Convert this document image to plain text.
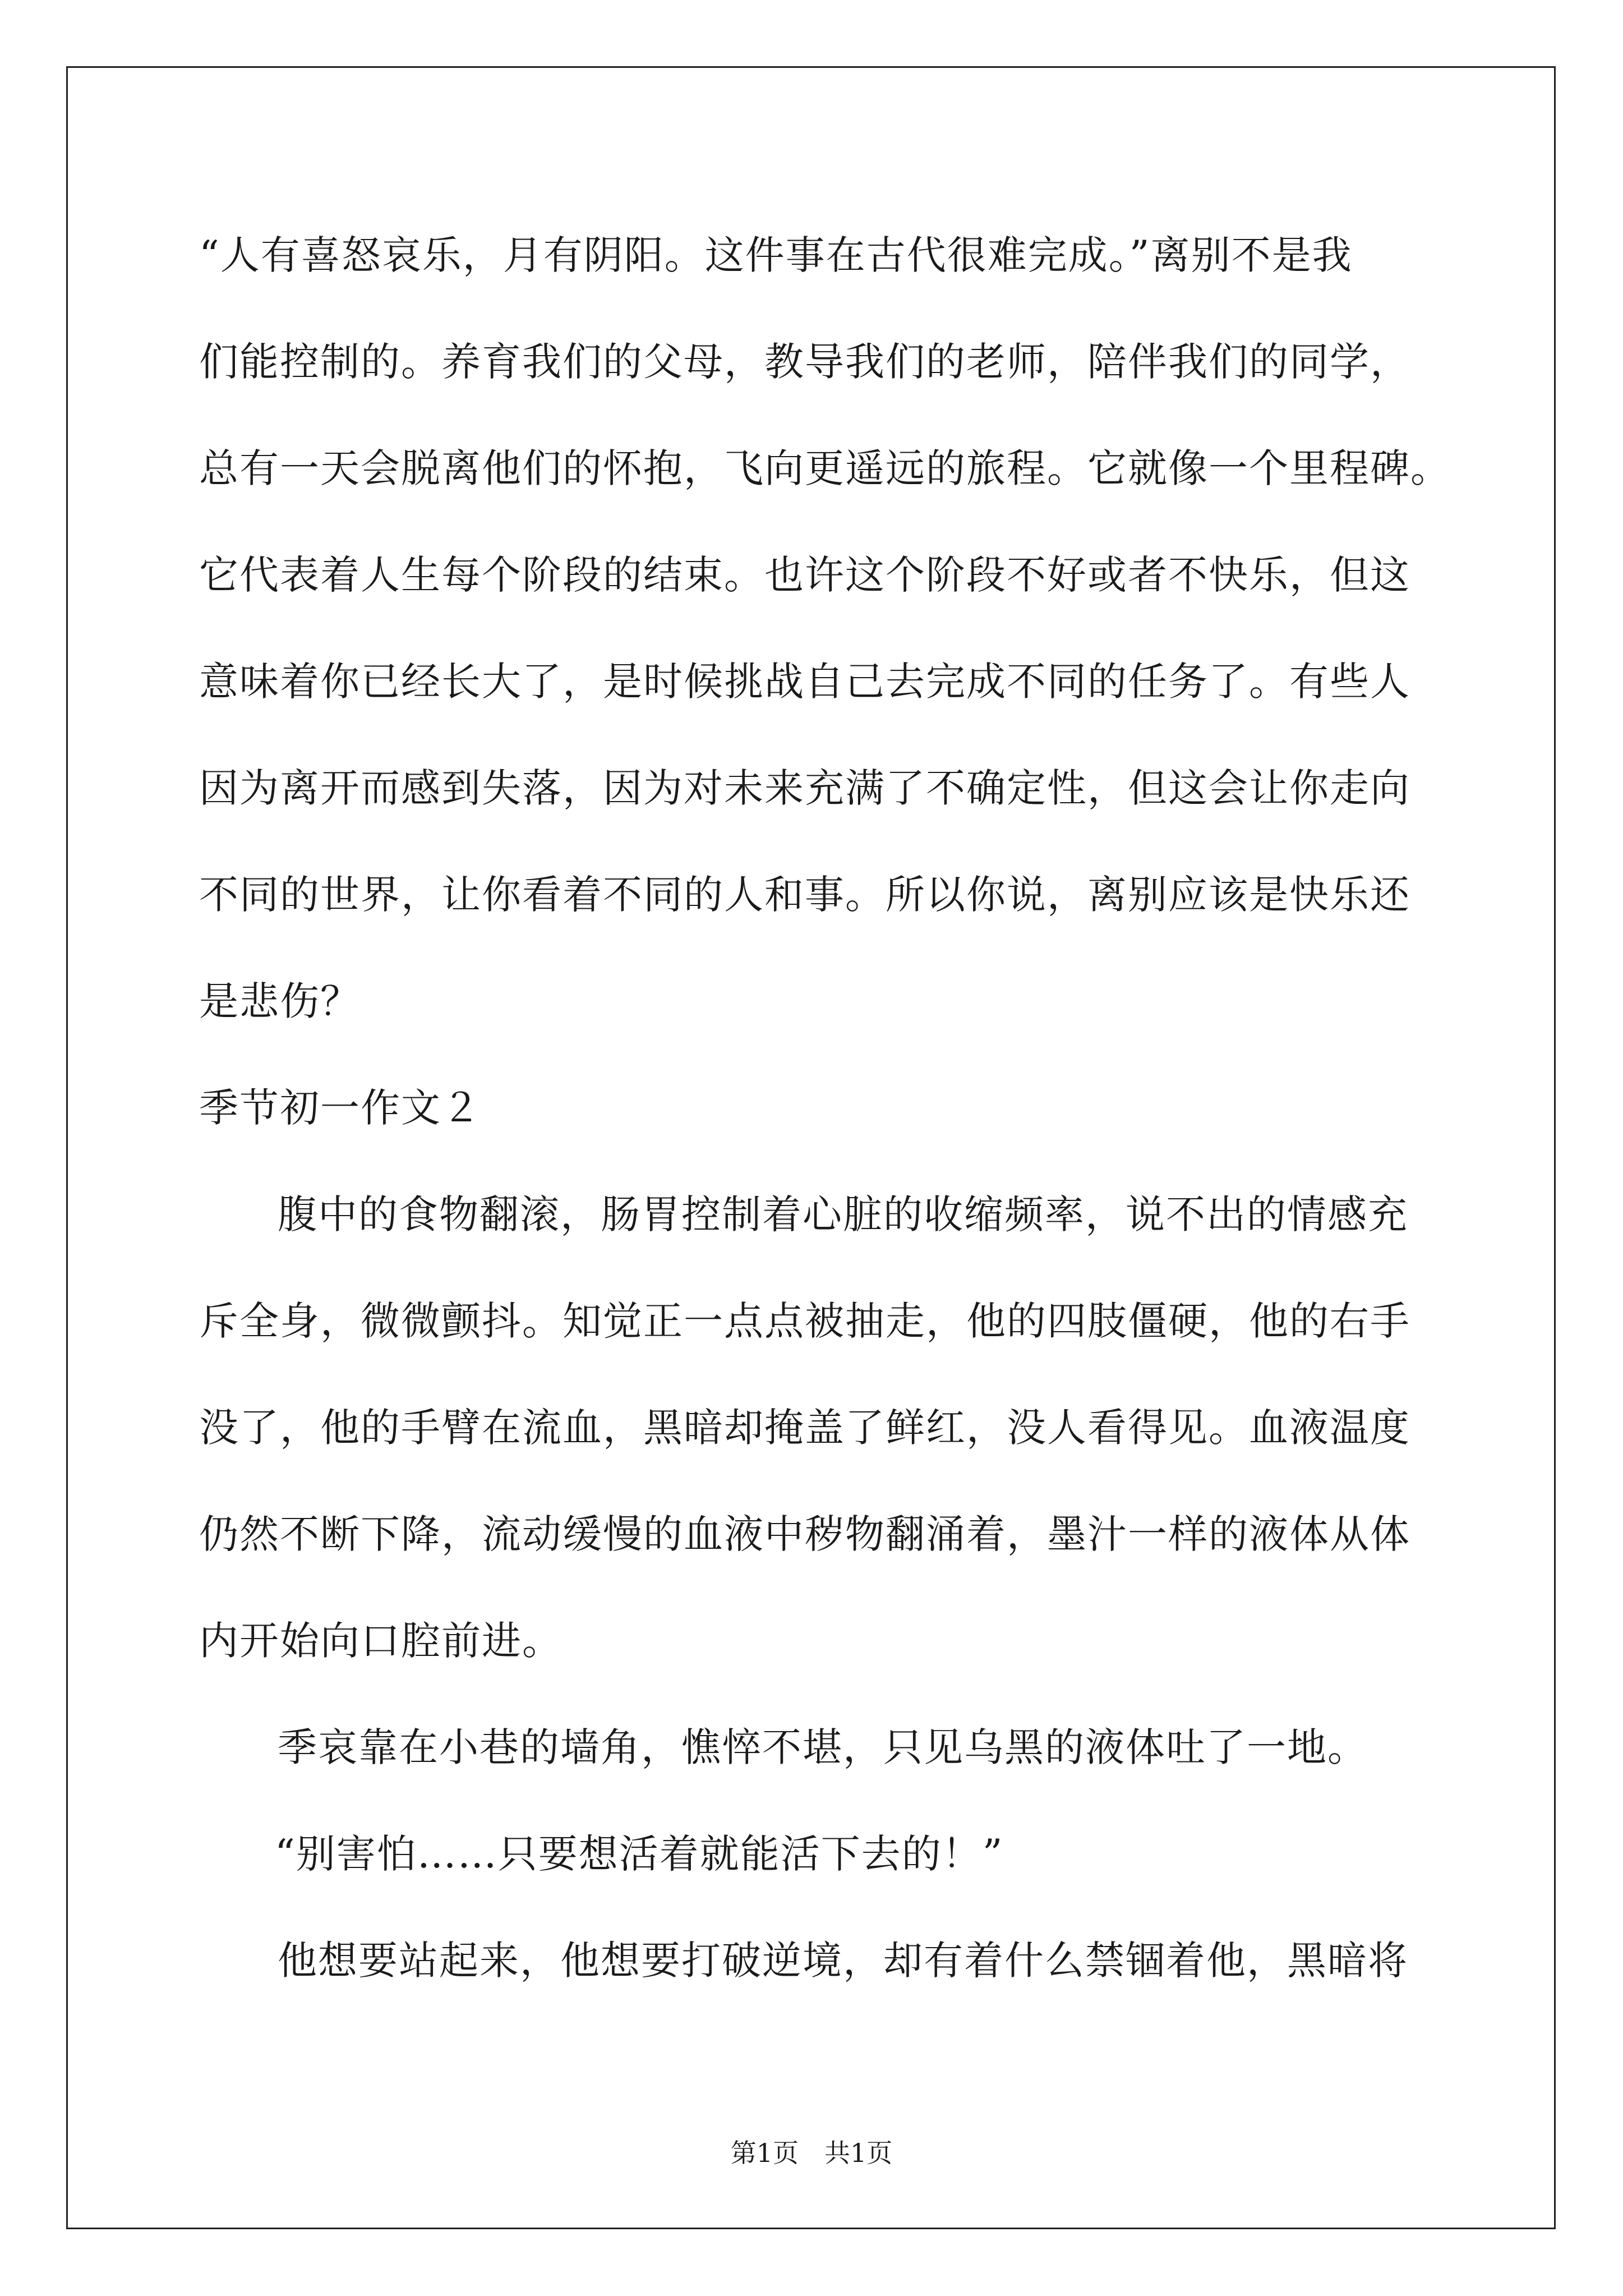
“人有喜怒哀乐，月有阴阳。这件事在古代很难完成。”离别不是我
们能控制的。养育我们的父母，教导我们的老师，陪伴我们的同学，
总有一天会脱离他们的怀抱，飞向更遥远的旅程。它就像一个里程碑。
它代表着人生每个阶段的结束。也许这个阶段不好或者不快乐，但这
意味着你已经长大了，是时候挑战自己去完成不同的任务了。有些人
因为离开而感到失落，因为对未来充满了不确定性，但这会让你走向
不同的世界，让你看着不同的人和事。所以你说，离别应该是快乐还
是悲伤？
季节初一作文２
腹中的食物翻滚，肠胃控制着心脏的收缩频率，说不出的情感充
斥全身，微微颤抖。知觉正一点点被抽走，他的四肢僵硬，他的右手
没了，他的手臂在流血，黑暗却掩盖了鲜红，没人看得见。血液温度
仍然不断下降，流动缓慢的血液中秽物翻涌着，墨汁一样的液体从体
内开始向口腔前进。
季哀靠在小巷的墙角，憔悴不堪，只见乌黑的液体吐了一地。
“别害怕……只要想活着就能活下去的！”
他想要站起来，他想要打破逆境，却有着什么禁锢着他，黑暗将
第1页　共1页
